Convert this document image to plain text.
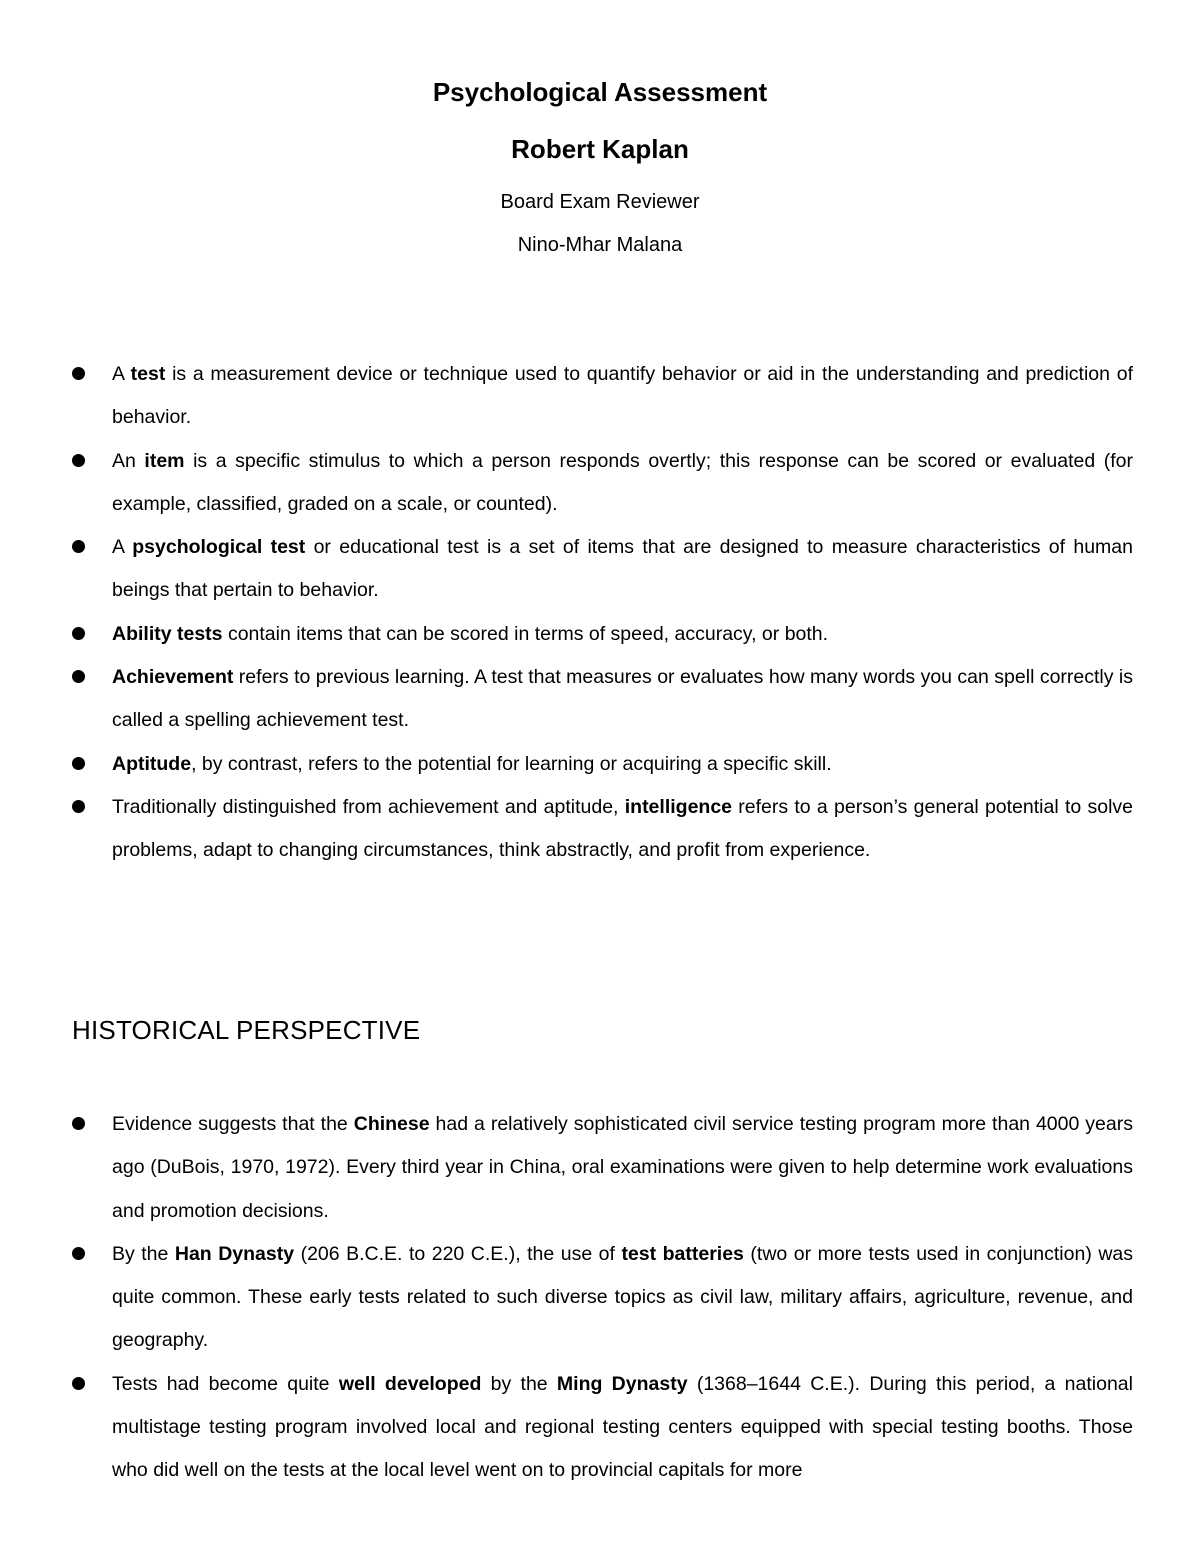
Psychological Assessment
Robert Kaplan
Board Exam Reviewer
Nino-Mhar Malana
A test is a measurement device or technique used to quantify behavior or aid in the understanding and prediction of behavior.
An item is a specific stimulus to which a person responds overtly; this response can be scored or evaluated (for example, classified, graded on a scale, or counted).
A psychological test or educational test is a set of items that are designed to measure characteristics of human beings that pertain to behavior.
Ability tests contain items that can be scored in terms of speed, accuracy, or both.
Achievement refers to previous learning. A test that measures or evaluates how many words you can spell correctly is called a spelling achievement test.
Aptitude, by contrast, refers to the potential for learning or acquiring a specific skill.
Traditionally distinguished from achievement and aptitude, intelligence refers to a person’s general potential to solve problems, adapt to changing circumstances, think abstractly, and profit from experience.
HISTORICAL PERSPECTIVE
Evidence suggests that the Chinese had a relatively sophisticated civil service testing program more than 4000 years ago (DuBois, 1970, 1972). Every third year in China, oral examinations were given to help determine work evaluations and promotion decisions.
By the Han Dynasty (206 B.C.E. to 220 C.E.), the use of test batteries (two or more tests used in conjunction) was quite common. These early tests related to such diverse topics as civil law, military affairs, agriculture, revenue, and geography.
Tests had become quite well developed by the Ming Dynasty (1368–1644 C.E.). During this period, a national multistage testing program involved local and regional testing centers equipped with special testing booths. Those who did well on the tests at the local level went on to provincial capitals for more
